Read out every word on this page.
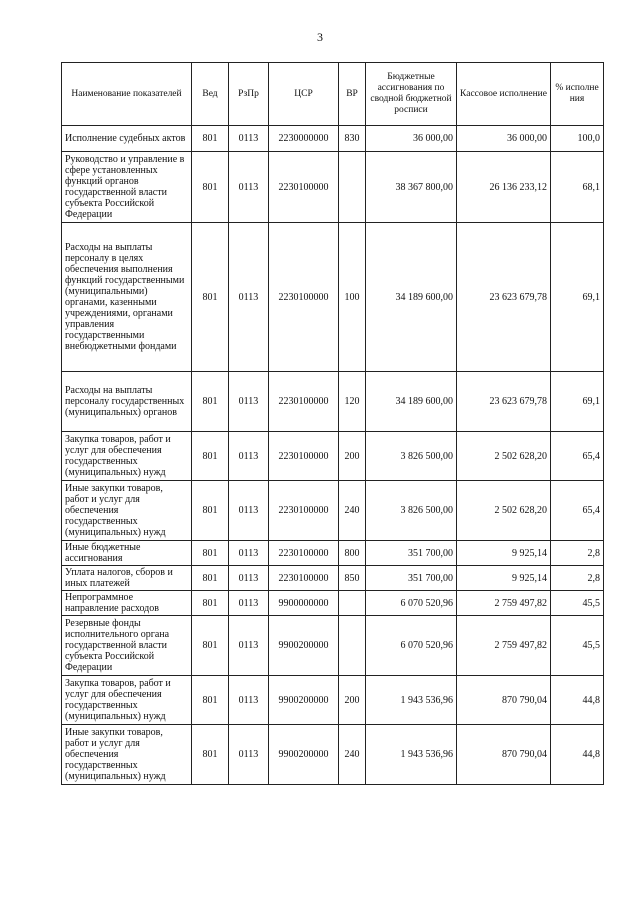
3
Наименование показателей	Вед	РзПр	ЦСР	ВР	Бюджетные ассигнования по сводной бюджетной росписи	Кассовое исполнение	% исполне ния
Исполнение судебных актов	801	0113	2230000000	830	36 000,00	36 000,00	100,0
Руководство и управление в сфере установленных функций органов государственной власти субъекта Российской Федерации	801	0113	2230100000		38 367 800,00	26 136 233,12	68,1
Расходы на выплаты персоналу в целях обеспечения выполнения функций государственными (муниципальными) органами, казенными учреждениями, органами управления государственными внебюджетными фондами	801	0113	2230100000	100	34 189 600,00	23 623 679,78	69,1
Расходы на выплаты персоналу государственных (муниципальных) органов	801	0113	2230100000	120	34 189 600,00	23 623 679,78	69,1
Закупка товаров, работ и услуг для обеспечения государственных (муниципальных) нужд	801	0113	2230100000	200	3 826 500,00	2 502 628,20	65,4
Иные закупки товаров, работ и услуг для обеспечения государственных (муниципальных) нужд	801	0113	2230100000	240	3 826 500,00	2 502 628,20	65,4
Иные бюджетные ассигнования	801	0113	2230100000	800	351 700,00	9 925,14	2,8
Уплата налогов, сборов и иных платежей	801	0113	2230100000	850	351 700,00	9 925,14	2,8
Непрограммное направление расходов	801	0113	9900000000		6 070 520,96	2 759 497,82	45,5
Резервные фонды исполнительного органа государственной власти субъекта Российской Федерации	801	0113	9900200000		6 070 520,96	2 759 497,82	45,5
Закупка товаров, работ и услуг для обеспечения государственных (муниципальных) нужд	801	0113	9900200000	200	1 943 536,96	870 790,04	44,8
Иные закупки товаров, работ и услуг для обеспечения государственных (муниципальных) нужд	801	0113	9900200000	240	1 943 536,96	870 790,04	44,8
